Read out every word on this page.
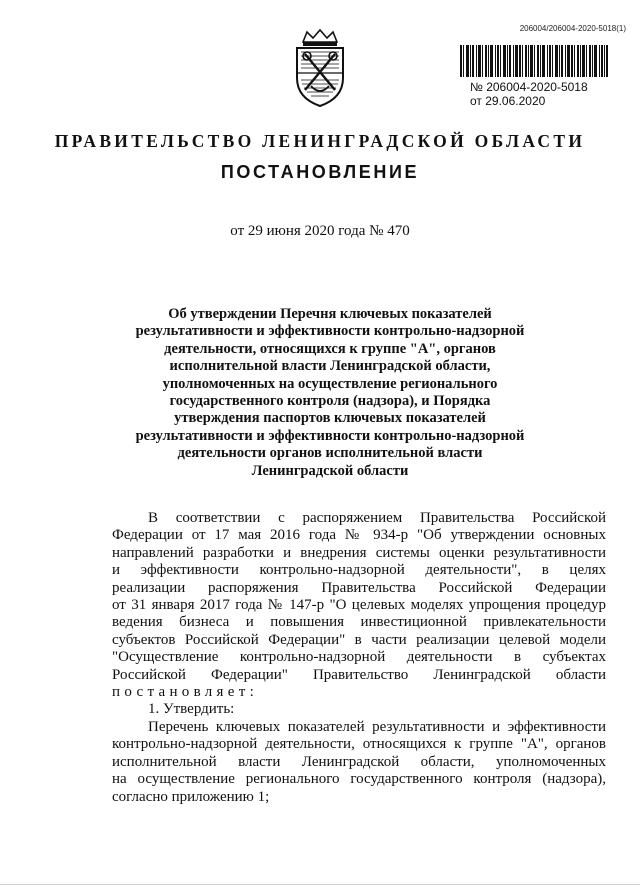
206004/206004-2020-5018(1)
№ 206004-2020-5018
от 29.06.2020
ПРАВИТЕЛЬСТВО ЛЕНИНГРАДСКОЙ ОБЛАСТИ
ПОСТАНОВЛЕНИЕ
от 29 июня 2020 года № 470
Об утверждении Перечня ключевых показателей
результативности и эффективности контрольно-надзорной
деятельности, относящихся к группе "А", органов
исполнительной власти Ленинградской области,
уполномоченных на осуществление регионального
государственного контроля (надзора), и Порядка
утверждения паспортов ключевых показателей
результативности и эффективности контрольно-надзорной
деятельности органов исполнительной власти
Ленинградской области
В соответствии с распоряжением Правительства Российской
Федерации от 17 мая 2016 года № 934-р "Об утверждении основных
направлений разработки и внедрения системы оценки результативности
и эффективности контрольно-надзорной деятельности", в целях
реализации распоряжения Правительства Российской Федерации
от 31 января 2017 года № 147-р "О целевых моделях упрощения процедур
ведения бизнеса и повышения инвестиционной привлекательности
субъектов Российской Федерации" в части реализации целевой модели
"Осуществление контрольно-надзорной деятельности в субъектах
Российской Федерации" Правительство Ленинградской области
постановляет:
1. Утвердить:
Перечень ключевых показателей результативности и эффективности
контрольно-надзорной деятельности, относящихся к группе "А", органов
исполнительной власти Ленинградской области, уполномоченных
на осуществление регионального государственного контроля (надзора),
согласно приложению 1;
